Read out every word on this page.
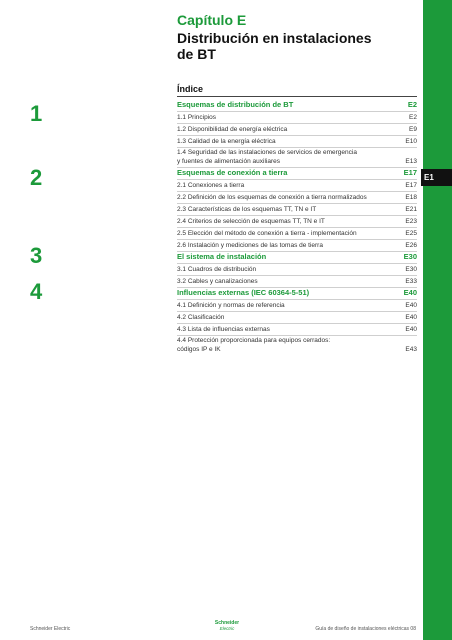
E1
Capítulo E
Distribución en instalaciones
de BT
Índice
1
2
3
4
Esquemas de distribución de BT	E2
1.1 Principios	E2
1.2 Disponibilidad de energía eléctrica	E9
1.3 Calidad de la energía eléctrica	E10
1.4 Seguridad de las instalaciones de servicios de emergencia
y fuentes de alimentación auxiliares	E13
Esquemas de conexión a tierra	E17
2.1 Conexiones a tierra	E17
2.2 Definición de los esquemas de conexión a tierra normalizados	E18
2.3 Características de los esquemas TT, TN e IT	E21
2.4 Criterios de selección de esquemas TT, TN e IT	E23
2.5 Elección del método de conexión a tierra - implementación	E25
2.6 Instalación y mediciones de las tomas de tierra	E26
El sistema de instalación	E30
3.1 Cuadros de distribución	E30
3.2 Cables y canalizaciones	E33
Influencias externas (IEC 60364-5-51)	E40
4.1 Definición y normas de referencia	E40
4.2 Clasificación	E40
4.3 Lista de influencias externas	E40
4.4 Protección proporcionada para equipos cerrados:
códigos IP e IK	E43
Schneider Electric
Schneider
Electric	Guía de diseño de instalaciones eléctricas 08
